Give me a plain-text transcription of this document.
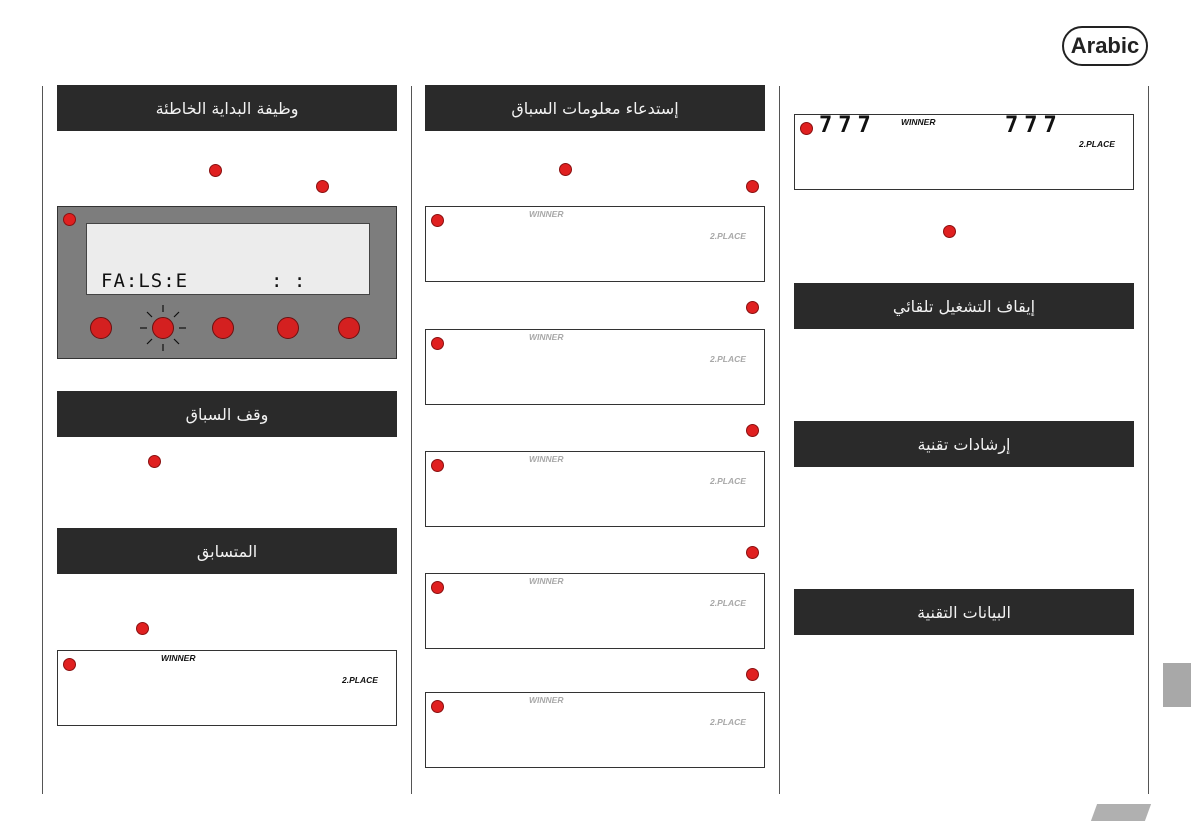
Arabic
وظيفة البداية الخاطئة
FA:LS:E	: :
وقف السباق
المتسابق
WINNER
2.PLACE
إستدعاء معلومات السباق
WINNER
2.PLACE
WINNER
2.PLACE
WINNER
2.PLACE
WINNER
2.PLACE
WINNER
2.PLACE
777	WINNER	777
2.PLACE
إيقاف التشغيل تلقائي
إرشادات تقنية
البيانات التقنية
